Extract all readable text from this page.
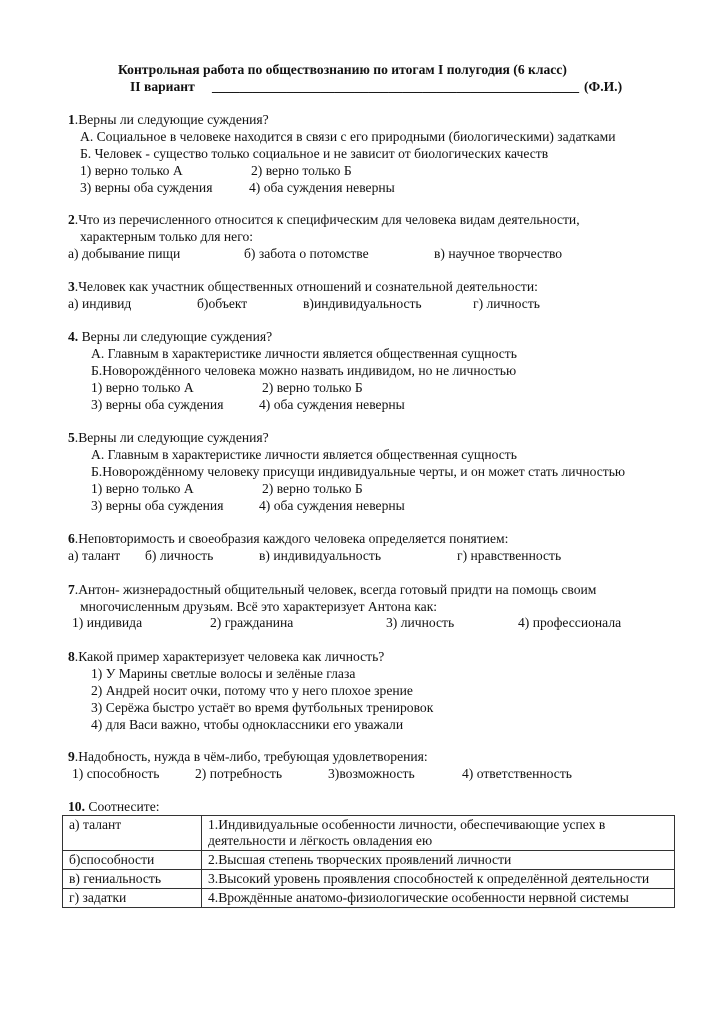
Контрольная работа по обществознанию по итогам I полугодия (6 класс)
II вариант ______________________________________________________ (Ф.И.)
1.Верны ли следующие суждения?
А. Социальное в человеке находится в связи с его природными (биологическими) задатками
Б. Человек - существо только социальное и не зависит от биологических качеств
1) верно только А	2) верно только Б
3) верны оба суждения	4) оба суждения неверны
2.Что из перечисленного относится к специфическим для человека видам деятельности,
характерным только для него:
а) добывание пищи	б) забота о потомстве	в) научное творчество
3.Человек как участник общественных отношений и сознательной деятельности:
а) индивид	б)объект	в)индивидуальность	г) личность
4. Верны ли следующие суждения?
А. Главным в характеристике личности является общественная сущность
Б.Новорождённого человека можно назвать индивидом, но не личностью
1) верно только А	2) верно только Б
3) верны оба суждения	4) оба суждения неверны
5.Верны ли следующие суждения?
А. Главным в характеристике личности является общественная сущность
Б.Новорождённому человеку присущи индивидуальные черты, и он может стать личностью
1) верно только А	2) верно только Б
3) верны оба суждения	4) оба суждения неверны
6.Неповторимость и своеобразия каждого человека определяется понятием:
а) талант б) личность	в) индивидуальность	г) нравственность
7.Антон- жизнерадостный общительный человек, всегда готовый придти на помощь своим
многочисленным друзьям. Всё это характеризует Антона как:
1) индивида	2) гражданина	3) личность	4) профессионала
8.Какой пример характеризует человека как личность?
1) У Марины светлые волосы и зелёные глаза
2) Андрей носит очки, потому что у него плохое зрение
3) Серёжа быстро устаёт во время футбольных тренировок
4) для Васи важно, чтобы одноклассники его уважали
9.Надобность, нужда в чём-либо, требующая удовлетворения:
1) способность	2) потребность	3)возможность	4) ответственность
10. Соотнесите:
а) талант	1.Индивидуальные особенности личности, обеспечивающие успех в деятельности и лёгкость овладения ею
б)способности	2.Высшая степень творческих проявлений личности
в) гениальность	3.Высокий уровень проявления способностей к определённой деятельности
г) задатки	4.Врождённые анатомо-физиологические особенности нервной системы
